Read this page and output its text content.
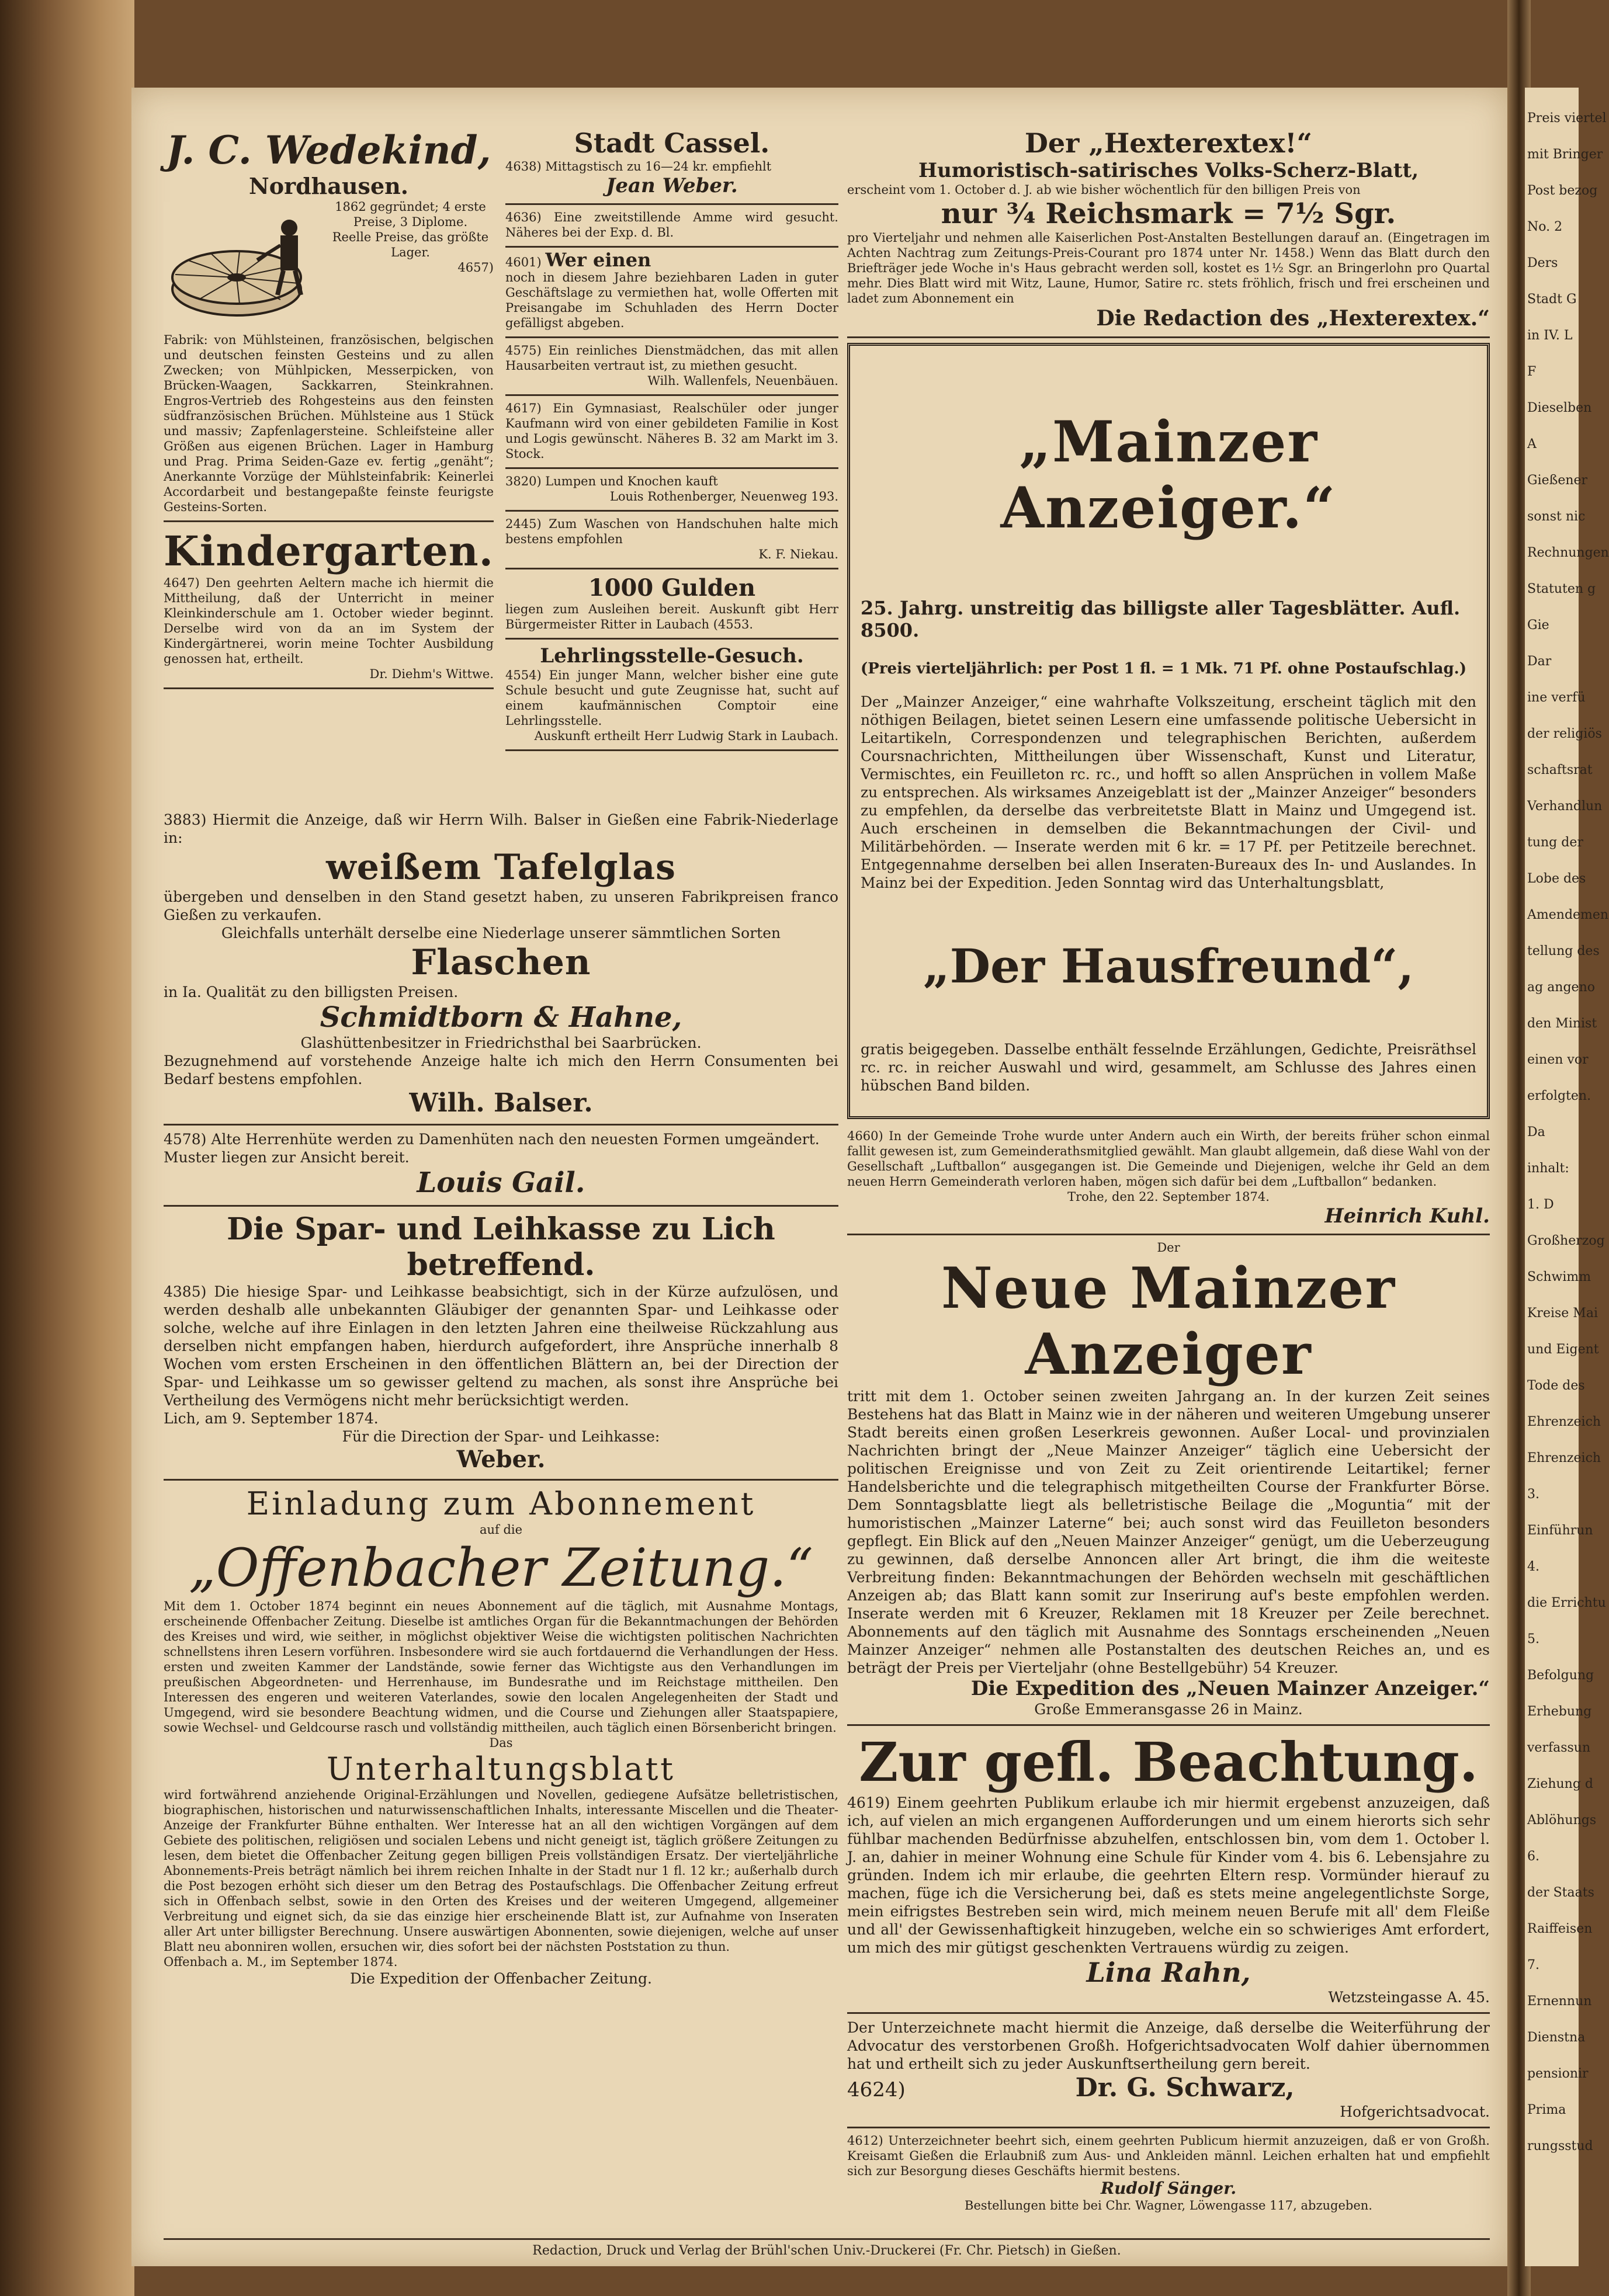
J. C. Wedekind,

Nordhausen.

1862 gegründet; 4 erste Preise, 3 Diplome.

Reelle Preise, das größte Lager.

4657)

Fabrik: von Mühlsteinen, französischen, belgischen und deutschen feinsten Gesteins und zu allen Zwecken; von Mühlpicken, Messerpicken, von Brücken-Waagen, Sackkarren, Steinkrahnen. Engros-Vertrieb des Rohgesteins aus den feinsten südfranzösischen Brüchen. Mühlsteine aus 1 Stück und massiv; Zapfenlagersteine. Schleifsteine aller Größen aus eigenen Brüchen. Lager in Hamburg und Prag. Prima Seiden-Gaze ev. fertig „genäht“; Anerkannte Vorzüge der Mühlsteinfabrik: Keinerlei Accordarbeit und bestangepaßte feinste feurigste Gesteins-Sorten.

Kindergarten.

4647) Den geehrten Aeltern mache ich hiermit die Mittheilung, daß der Unterricht in meiner Kleinkinderschule am 1. October wieder beginnt. Derselbe wird von da an im System der Kindergärtnerei, worin meine Tochter Ausbildung genossen hat, ertheilt.

Dr. Diehm's Wittwe.

Stadt Cassel.

4638) Mittagstisch zu 16—24 kr. empfiehlt

Jean Weber.

4636) Eine zweitstillende Amme wird gesucht. Näheres bei der Exp. d. Bl.

4601) Wer einen

noch in diesem Jahre beziehbaren Laden in guter Geschäftslage zu vermiethen hat, wolle Offerten mit Preisangabe im Schuhladen des Herrn Docter gefälligst abgeben.

4575) Ein reinliches Dienstmädchen, das mit allen Hausarbeiten vertraut ist, zu miethen gesucht.

Wilh. Wallenfels, Neuenbäuen.

4617) Ein Gymnasiast, Realschüler oder junger Kaufmann wird von einer gebildeten Familie in Kost und Logis gewünscht. Näheres B. 32 am Markt im 3. Stock.

3820) Lumpen und Knochen kauft

Louis Rothenberger, Neuenweg 193.

2445) Zum Waschen von Handschuhen halte mich bestens empfohlen

K. F. Niekau.

1000 Gulden

liegen zum Ausleihen bereit. Auskunft gibt Herr Bürgermeister Ritter in Laubach (4553.

Lehrlingsstelle-Gesuch.

4554) Ein junger Mann, welcher bisher eine gute Schule besucht und gute Zeugnisse hat, sucht auf einem kaufmännischen Comptoir eine Lehrlingsstelle.

Auskunft ertheilt Herr Ludwig Stark in Laubach.

3883) Hiermit die Anzeige, daß wir Herrn Wilh. Balser in Gießen eine Fabrik-Niederlage in:

weißem Tafelglas

übergeben und denselben in den Stand gesetzt haben, zu unseren Fabrikpreisen franco Gießen zu verkaufen.

Gleichfalls unterhält derselbe eine Niederlage unserer sämmtlichen Sorten

Flaschen

in Ia. Qualität zu den billigsten Preisen.

Schmidtborn & Hahne,

Glashüttenbesitzer in Friedrichsthal bei Saarbrücken.

Bezugnehmend auf vorstehende Anzeige halte ich mich den Herrn Consumenten bei Bedarf bestens empfohlen.

Wilh. Balser.

4578) Alte Herrenhüte werden zu Damenhüten nach den neuesten Formen umgeändert.

Muster liegen zur Ansicht bereit.

Louis Gail.

Die Spar- und Leihkasse zu Lich betreffend.

4385) Die hiesige Spar- und Leihkasse beabsichtigt, sich in der Kürze aufzulösen, und werden deshalb alle unbekannten Gläubiger der genannten Spar- und Leihkasse oder solche, welche auf ihre Einlagen in den letzten Jahren eine theilweise Rückzahlung aus derselben nicht empfangen haben, hierdurch aufgefordert, ihre Ansprüche innerhalb 8 Wochen vom ersten Erscheinen in den öffentlichen Blättern an, bei der Direction der Spar- und Leihkasse um so gewisser geltend zu machen, als sonst ihre Ansprüche bei Vertheilung des Vermögens nicht mehr berücksichtigt werden.

Lich, am 9. September 1874.

Für die Direction der Spar- und Leihkasse:

Weber.

Einladung zum Abonnement

auf die

„Offenbacher Zeitung.“

Mit dem 1. October 1874 beginnt ein neues Abonnement auf die täglich, mit Ausnahme Montags, erscheinende Offenbacher Zeitung. Dieselbe ist amtliches Organ für die Bekanntmachungen der Behörden des Kreises und wird, wie seither, in möglichst objektiver Weise die wichtigsten politischen Nachrichten schnellstens ihren Lesern vorführen. Insbesondere wird sie auch fortdauernd die Verhandlungen der Hess. ersten und zweiten Kammer der Landstände, sowie ferner das Wichtigste aus den Verhandlungen im preußischen Abgeordneten- und Herrenhause, im Bundesrathe und im Reichstage mittheilen. Den Interessen des engeren und weiteren Vaterlandes, sowie den localen Angelegenheiten der Stadt und Umgegend, wird sie besondere Beachtung widmen, und die Course und Ziehungen aller Staatspapiere, sowie Wechsel- und Geldcourse rasch und vollständig mittheilen, auch täglich einen Börsenbericht bringen.

Das

Unterhaltungsblatt

wird fortwährend anziehende Original-Erzählungen und Novellen, gediegene Aufsätze belletristischen, biographischen, historischen und naturwissenschaftlichen Inhalts, interessante Miscellen und die Theater-Anzeige der Frankfurter Bühne enthalten. Wer Interesse hat an all den wichtigen Vorgängen auf dem Gebiete des politischen, religiösen und socialen Lebens und nicht geneigt ist, täglich größere Zeitungen zu lesen, dem bietet die Offenbacher Zeitung gegen billigen Preis vollständigen Ersatz. Der vierteljährliche Abonnements-Preis beträgt nämlich bei ihrem reichen Inhalte in der Stadt nur 1 fl. 12 kr.; außerhalb durch die Post bezogen erhöht sich dieser um den Betrag des Postaufschlags. Die Offenbacher Zeitung erfreut sich in Offenbach selbst, sowie in den Orten des Kreises und der weiteren Umgegend, allgemeiner Verbreitung und eignet sich, da sie das einzige hier erscheinende Blatt ist, zur Aufnahme von Inseraten aller Art unter billigster Berechnung. Unsere auswärtigen Abonnenten, sowie diejenigen, welche auf unser Blatt neu abonniren wollen, ersuchen wir, dies sofort bei der nächsten Poststation zu thun.

Offenbach a. M., im September 1874.

Die Expedition der Offenbacher Zeitung.

Der „Hexterextex!“

Humoristisch-satirisches Volks-Scherz-Blatt,

erscheint vom 1. October d. J. ab wie bisher wöchentlich für den billigen Preis von

nur ¾ Reichsmark = 7½ Sgr.

pro Vierteljahr und nehmen alle Kaiserlichen Post-Anstalten Bestellungen darauf an. (Eingetragen im Achten Nachtrag zum Zeitungs-Preis-Courant pro 1874 unter Nr. 1458.) Wenn das Blatt durch den Briefträger jede Woche in's Haus gebracht werden soll, kostet es 1½ Sgr. an Bringerlohn pro Quartal mehr. Dies Blatt wird mit Witz, Laune, Humor, Satire rc. stets fröhlich, frisch und frei erscheinen und ladet zum Abonnement ein

Die Redaction des „Hexterextex.“

„Mainzer Anzeiger.“

25. Jahrg. unstreitig das billigste aller Tagesblätter. Aufl. 8500.

(Preis vierteljährlich: per Post 1 fl. = 1 Mk. 71 Pf. ohne Postaufschlag.)

Der „Mainzer Anzeiger,“ eine wahrhafte Volkszeitung, erscheint täglich mit den nöthigen Beilagen, bietet seinen Lesern eine umfassende politische Uebersicht in Leitartikeln, Correspondenzen und telegraphischen Berichten, außerdem Coursnachrichten, Mittheilungen über Wissenschaft, Kunst und Literatur, Vermischtes, ein Feuilleton rc. rc., und hofft so allen Ansprüchen in vollem Maße zu entsprechen. Als wirksames Anzeigeblatt ist der „Mainzer Anzeiger“ besonders zu empfehlen, da derselbe das verbreitetste Blatt in Mainz und Umgegend ist. Auch erscheinen in demselben die Bekanntmachungen der Civil- und Militärbehörden. — Inserate werden mit 6 kr. = 17 Pf. per Petitzeile berechnet. Entgegennahme derselben bei allen Inseraten-Bureaux des In- und Auslandes. In Mainz bei der Expedition. Jeden Sonntag wird das Unterhaltungsblatt,

„Der Hausfreund“,

gratis beigegeben. Dasselbe enthält fesselnde Erzählungen, Gedichte, Preisräthsel rc. rc. in reicher Auswahl und wird, gesammelt, am Schlusse des Jahres einen hübschen Band bilden.

4660) In der Gemeinde Trohe wurde unter Andern auch ein Wirth, der bereits früher schon einmal fallit gewesen ist, zum Gemeinderathsmitglied gewählt. Man glaubt allgemein, daß diese Wahl von der Gesellschaft „Luftballon“ ausgegangen ist. Die Gemeinde und Diejenigen, welche ihr Geld an dem neuen Herrn Gemeinderath verloren haben, mögen sich dafür bei dem „Luftballon“ bedanken.

Trohe, den 22. September 1874.

Heinrich Kuhl.

Der

Neue Mainzer Anzeiger

tritt mit dem 1. October seinen zweiten Jahrgang an. In der kurzen Zeit seines Bestehens hat das Blatt in Mainz wie in der näheren und weiteren Umgebung unserer Stadt bereits einen großen Leserkreis gewonnen. Außer Local- und provinzialen Nachrichten bringt der „Neue Mainzer Anzeiger“ täglich eine Uebersicht der politischen Ereignisse und von Zeit zu Zeit orientirende Leitartikel; ferner Handelsberichte und die telegraphisch mitgetheilten Course der Frankfurter Börse. Dem Sonntagsblatte liegt als belletristische Beilage die „Moguntia“ mit der humoristischen „Mainzer Laterne“ bei; auch sonst wird das Feuilleton besonders gepflegt. Ein Blick auf den „Neuen Mainzer Anzeiger“ genügt, um die Ueberzeugung zu gewinnen, daß derselbe Annoncen aller Art bringt, die ihm die weiteste Verbreitung finden: Bekanntmachungen der Behörden wechseln mit geschäftlichen Anzeigen ab; das Blatt kann somit zur Inserirung auf's beste empfohlen werden. Inserate werden mit 6 Kreuzer, Reklamen mit 18 Kreuzer per Zeile berechnet. Abonnements auf den täglich mit Ausnahme des Sonntags erscheinenden „Neuen Mainzer Anzeiger“ nehmen alle Postanstalten des deutschen Reiches an, und es beträgt der Preis per Vierteljahr (ohne Bestellgebühr) 54 Kreuzer.

Die Expedition des „Neuen Mainzer Anzeiger.“

Große Emmeransgasse 26 in Mainz.

Zur gefl. Beachtung.

4619) Einem geehrten Publikum erlaube ich mir hiermit ergebenst anzuzeigen, daß ich, auf vielen an mich ergangenen Aufforderungen und um einem hierorts sich sehr fühlbar machenden Bedürfnisse abzuhelfen, entschlossen bin, vom dem 1. October l. J. an, dahier in meiner Wohnung eine Schule für Kinder vom 4. bis 6. Lebensjahre zu gründen. Indem ich mir erlaube, die geehrten Eltern resp. Vormünder hierauf zu machen, füge ich die Versicherung bei, daß es stets meine angelegentlichste Sorge, mein eifrigstes Bestreben sein wird, mich meinem neuen Berufe mit all' dem Fleiße und all' der Gewissenhaftigkeit hinzugeben, welche ein so schwieriges Amt erfordert, um mich des mir gütigst geschenkten Vertrauens würdig zu zeigen.

Lina Rahn,

Wetzsteingasse A. 45.

Der Unterzeichnete macht hiermit die Anzeige, daß derselbe die Weiterführung der Advocatur des verstorbenen Großh. Hofgerichtsadvocaten Wolf dahier übernommen hat und ertheilt sich zu jeder Auskunftsertheilung gern bereit.

4624)	Dr. G. Schwarz,

Hofgerichtsadvocat.

4612) Unterzeichneter beehrt sich, einem geehrten Publicum hiermit anzuzeigen, daß er von Großh. Kreisamt Gießen die Erlaubniß zum Aus- und Ankleiden männl. Leichen erhalten hat und empfiehlt sich zur Besorgung dieses Geschäfts hiermit bestens.

Rudolf Sänger.

Bestellungen bitte bei Chr. Wagner, Löwengasse 117, abzugeben.

Redaction, Druck und Verlag der Brühl'schen Univ.-Druckerei (Fr. Chr. Pietsch) in Gießen.

Preis viertel

mit Bringer

Post bezog

No. 2

Ders

Stadt G

in IV. L

F

Dieselben

A

Gießener

sonst nic

Rechnungen

Statuten g

Gie

Dar

ine verfü

der religiös

schaftsrat

Verhandlun

tung der

Lobe des

Amendemen

tellung des

ag angeno

den Minist

einen vor

erfolgten.

Da

inhalt:

1. D

Großherzog

Schwimm

Kreise Mai

und Eigent

Tode des

Ehrenzeich

Ehrenzeich

3.

Einführun

4.

die Errichtu

5.

Befolgung

Erhebung

verfassun

Ziehung d

Ablöhungs

6.

der Staats

Raiffeisen

7.

Ernennun

Dienstna

pensionir

Prima

rungsstud
